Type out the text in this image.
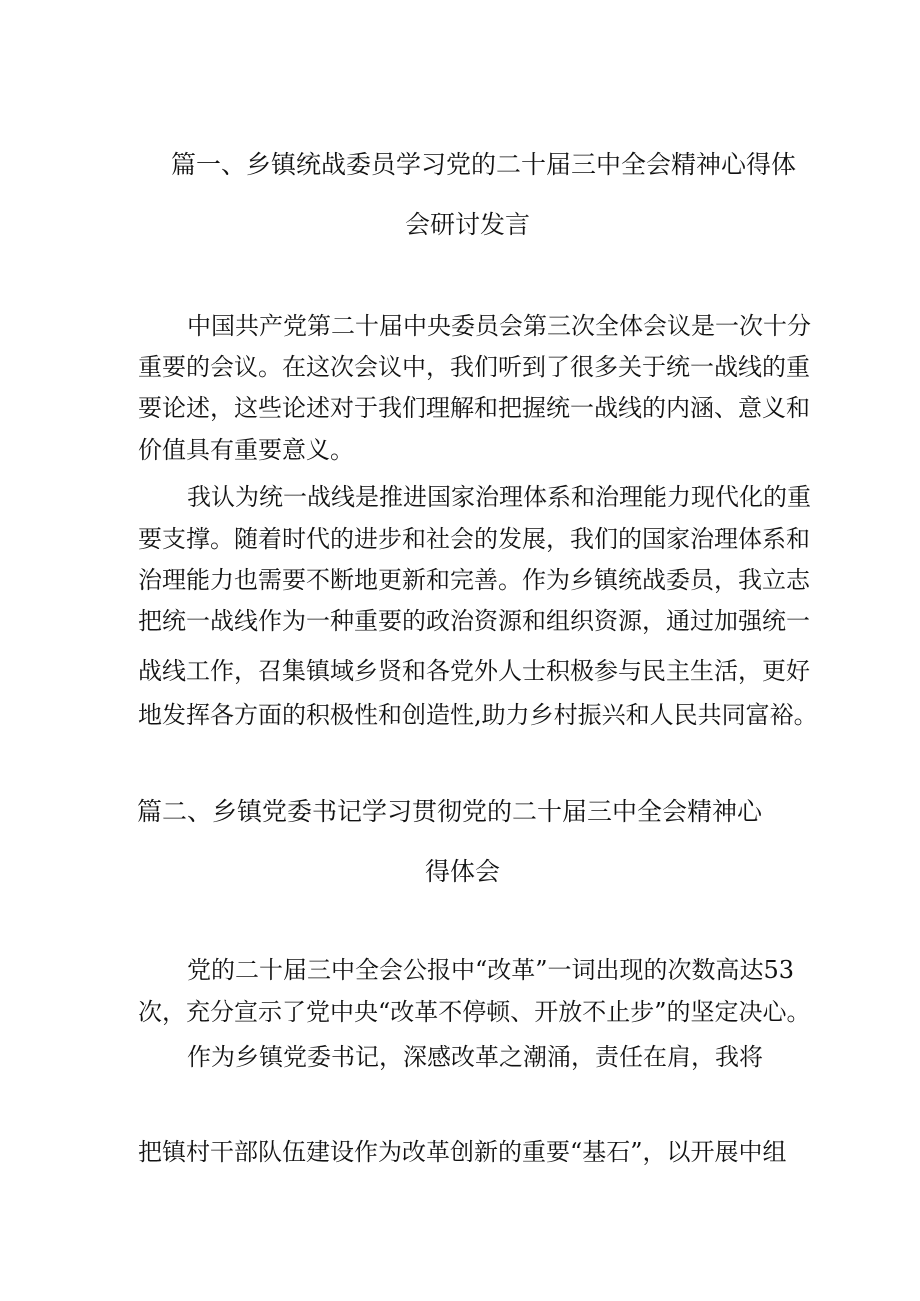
篇一、乡镇统战委员学习党的二十届三中全会精神心得体
会研讨发言
中国共产党第二十届中央委员会第三次全体会议是一次十分
重要的会议。在这次会议中，我们听到了很多关于统一战线的重
要论述，这些论述对于我们理解和把握统一战线的内涵、意义和
价值具有重要意义。
我认为统一战线是推进国家治理体系和治理能力现代化的重
要支撑。随着时代的进步和社会的发展，我们的国家治理体系和
治理能力也需要不断地更新和完善。作为乡镇统战委员，我立志
把统一战线作为一种重要的政治资源和组织资源，通过加强统一
战线工作，召集镇域乡贤和各党外人士积极参与民主生活，更好
地发挥各方面的积极性和创造性,助力乡村振兴和人民共同富裕。
篇二、乡镇党委书记学习贯彻党的二十届三中全会精神心
得体会
党的二十届三中全会公报中“改革”一词出现的次数高达53
次，充分宣示了党中央“改革不停顿、开放不止步”的坚定决心。
作为乡镇党委书记，深感改革之潮涌，责任在肩，我将
把镇村干部队伍建设作为改革创新的重要“基石”，以开展中组
